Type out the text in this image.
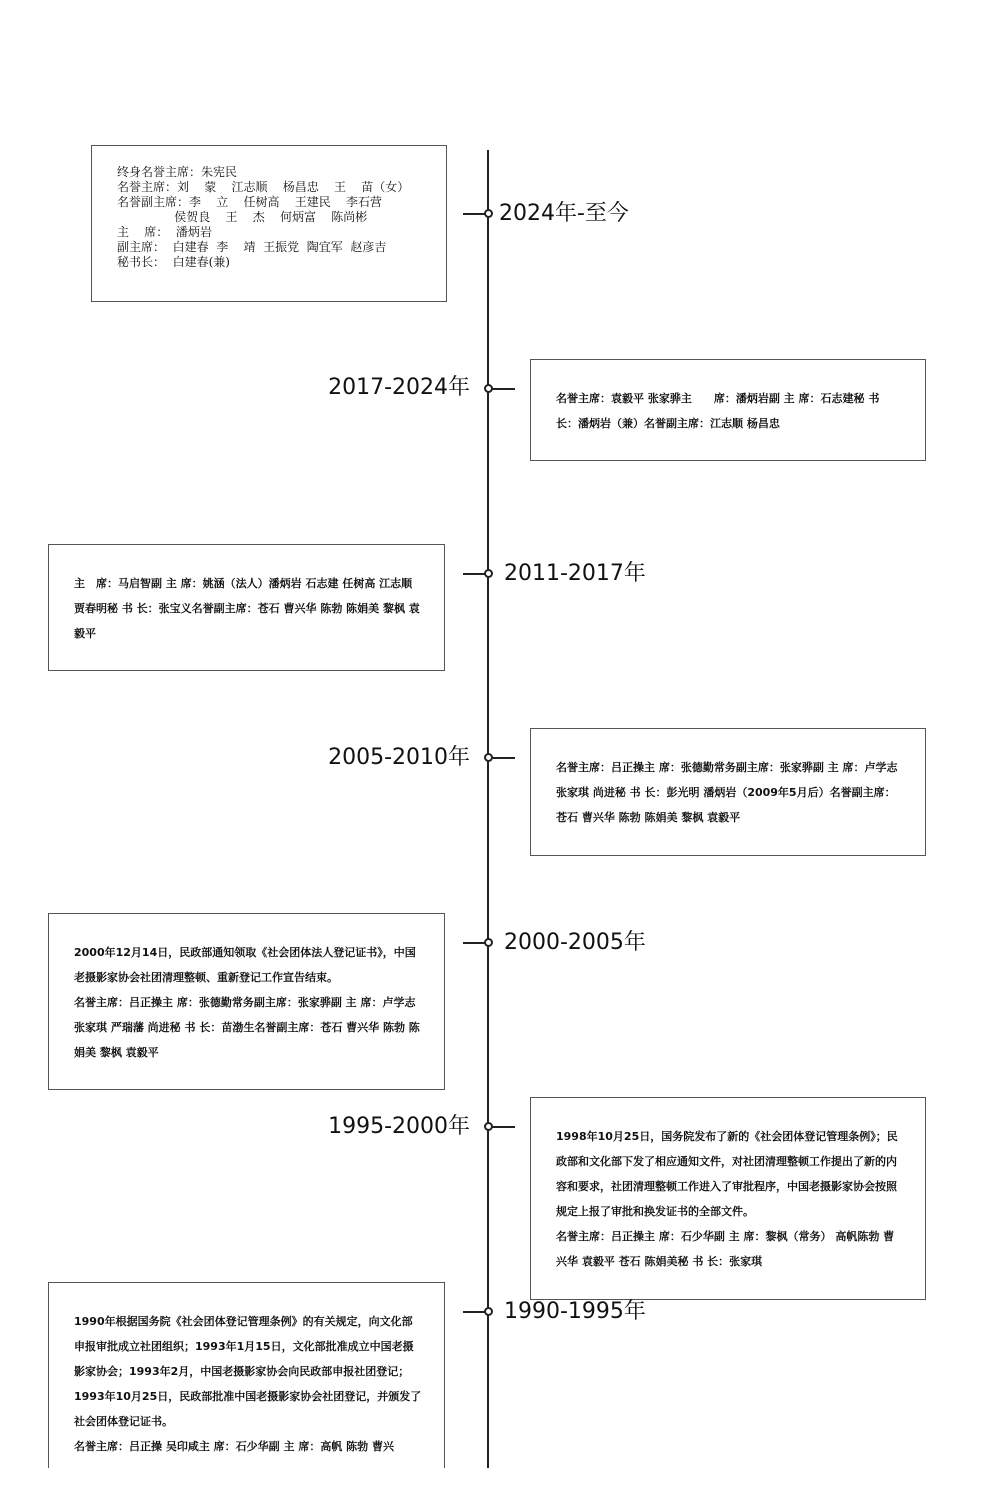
2024年-至今
终身名誉主席：朱宪民
名誉主席：刘    蒙    江志顺    杨昌忠    王    苗（女）
名誉副主席：李    立    任树高    王建民    李石营
侯贺良    王    杰    何炳富    陈尚彬
主    席：  潘炳岩
副主席：  白建春  李    靖  王振党  陶宜军  赵彦吉
秘书长：  白建春(兼)
2017-2024年	名誉主席：袁毅平 张家骅主　　席：潘炳岩副 主 席：石志建秘 书 长：潘炳岩（兼）名誉副主席：江志顺 杨昌忠

2011-2017年

主　席：马启智副 主 席：姚涵（法人）潘炳岩 石志建 任树高 江志顺 贾春明秘 书 长：张宝义名誉副主席：苍石 曹兴华 陈勃 陈娟美 黎枫 袁毅平

2005-2010年	名誉主席：吕正操主 席：张德勤常务副主席：张家骅副 主 席：卢学志 张家琪 尚进秘 书 长：彭光明 潘炳岩（2009年5月后）名誉副主席：苍石 曹兴华 陈勃 陈娟美 黎枫 袁毅平

2000-2005年

2000年12月14日，民政部通知领取《社会团体法人登记证书》，中国老摄影家协会社团清理整顿、重新登记工作宣告结束。

名誉主席：吕正操主 席：张德勤常务副主席：张家骅副 主 席：卢学志 张家琪 严瑞藩 尚进秘 书 长：苗渤生名誉副主席：苍石 曹兴华 陈勃 陈娟美 黎枫 袁毅平

1995-2000年	1998年10月25日，国务院发布了新的《社会团体登记管理条例》；民政部和文化部下发了相应通知文件，对社团清理整顿工作提出了新的内容和要求，社团清理整顿工作进入了审批程序，中国老摄影家协会按照规定上报了审批和换发证书的全部文件。

名誉主席：吕正操主 席：石少华副 主 席：黎枫（常务） 高帆陈勃 曹兴华 袁毅平 苍石 陈娟美秘 书 长：张家琪

1990-1995年

1990年根据国务院《社会团体登记管理条例》的有关规定，向文化部申报审批成立社团组织；1993年1月15日，文化部批准成立中国老摄影家协会；1993年2月，中国老摄影家协会向民政部申报社团登记；1993年10月25日，民政部批准中国老摄影家协会社团登记，并颁发了社会团体登记证书。

名誉主席：吕正操 吴印咸主 席：石少华副 主 席：高帆 陈勃 曹兴
